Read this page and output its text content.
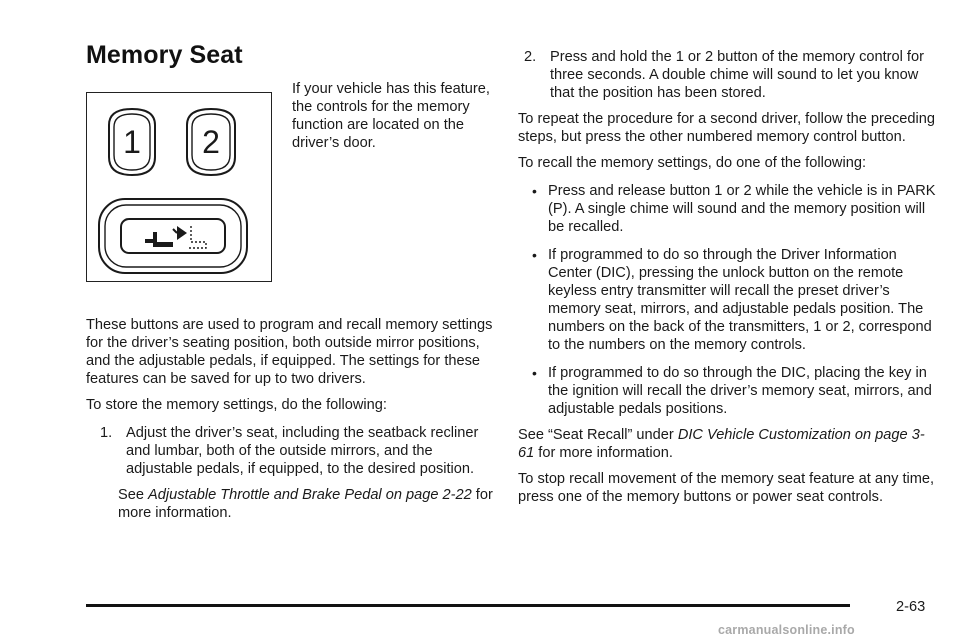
Memory Seat
1 2

If your vehicle has this feature, the controls for the memory function are located on the driver’s door.

These buttons are used to program and recall memory settings for the driver’s seating position, both outside mirror positions, and the adjustable pedals, if equipped. The settings for these features can be saved for up to two drivers.

To store the memory settings, do the following:

1. Adjust the driver’s seat, including the seatback recliner and lumbar, both of the outside mirrors, and the adjustable pedals, if equipped, to the desired position.

See Adjustable Throttle and Brake Pedal on page 2-22 for more information.

2. Press and hold the 1 or 2 button of the memory control for three seconds. A double chime will sound to let you know that the position has been stored.

To repeat the procedure for a second driver, follow the preceding steps, but press the other numbered memory control button.

To recall the memory settings, do one of the following:

• Press and release button 1 or 2 while the vehicle is in PARK (P). A single chime will sound and the memory position will be recalled.

• If programmed to do so through the Driver Information Center (DIC), pressing the unlock button on the remote keyless entry transmitter will recall the preset driver’s memory seat, mirrors, and adjustable pedals position. The numbers on the back of the transmitters, 1 or 2, correspond to the numbers on the memory controls.

• If programmed to do so through the DIC, placing the key in the ignition will recall the driver’s memory seat, mirrors, and adjustable pedals positions.

See “Seat Recall” under DIC Vehicle Customization on page 3-61 for more information.

To stop recall movement of the memory seat feature at any time, press one of the memory buttons or power seat controls.

2-63
carmanualsonline.info
